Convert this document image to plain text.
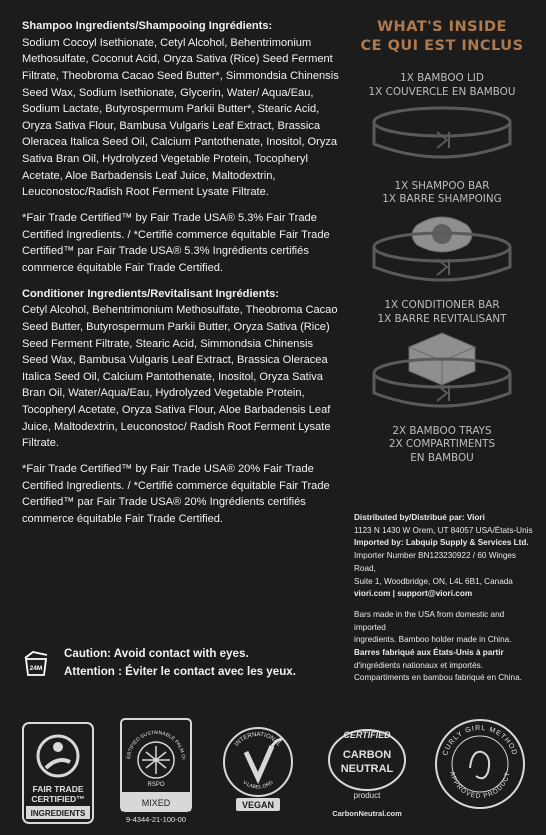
Shampoo Ingredients/Shampooing Ingrédients:
Sodium Cocoyl Isethionate, Cetyl Alcohol, Behentrimonium Methosulfate, Coconut Acid, Oryza Sativa (Rice) Seed Ferment Filtrate, Theobroma Cacao Seed Butter*, Simmondsia Chinensis Seed Wax, Sodium Isethionate, Glycerin, Water/ Aqua/Eau, Sodium Lactate, Butyrospermum Parkii Butter*, Stearic Acid, Oryza Sativa Flour, Bambusa Vulgaris Leaf Extract, Brassica Oleracea Italica Seed Oil, Calcium Pantothenate, Inositol, Oryza Sativa Bran Oil, Hydrolyzed Vegetable Protein, Tocopheryl Acetate, Aloe Barbadensis Leaf Juice, Maltodextrin, Leuconostoc/Radish Root Ferment Lysate Filtrate.

*Fair Trade Certified™ by Fair Trade USA® 5.3% Fair Trade Certified Ingredients. / *Certifié commerce équitable Fair Trade Certified™ par Fair Trade USA® 5.3% Ingrédients certifiés commerce équitable Fair Trade Certified.

Conditioner Ingredients/Revitalisant Ingrédients:
Cetyl Alcohol, Behentrimonium Methosulfate, Theobroma Cacao Seed Butter, Butyrospermum Parkii Butter, Oryza Sativa (Rice) Seed Ferment Filtrate, Stearic Acid, Simmondsia Chinensis Seed Wax, Bambusa Vulgaris Leaf Extract, Brassica Oleracea Italica Seed Oil, Calcium Pantothenate, Inositol, Oryza Sativa Bran Oil, Water/Aqua/Eau, Hydrolyzed Vegetable Protein, Tocopheryl Acetate, Oryza Sativa Flour, Aloe Barbadensis Leaf Juice, Maltodextrin, Leuconostoc/ Radish Root Ferment Lysate Filtrate.

*Fair Trade Certified™ by Fair Trade USA® 20% Fair Trade Certified Ingredients. / *Certifié commerce équitable Fair Trade Certified™ par Fair Trade USA® 20% Ingrédients certifiés commerce équitable Fair Trade Certified.

24M
Caution: Avoid contact with eyes.
Attention : Éviter le contact avec les yeux.
WHAT'S INSIDE
CE QUI EST INCLUS
1X BAMBOO LID
1X COUVERCLE EN BAMBOU
1X SHAMPOO BAR
1X BARRE SHAMPOING
1X CONDITIONER BAR
1X BARRE REVITALISANT
2X BAMBOO TRAYS
2X COMPARTIMENTS
EN BAMBOU

Distributed by/Distribué par: Viori
1123 N 1430 W Orem, UT 84057 USA/États-Unis
Imported by: Labquip Supply & Services Ltd.
Importer Number BN123230922 / 60 Winges Road,
Suite 1, Woodbridge, ON, L4L 6B1, Canada
viori.com | support@viori.com

Bars made in the USA from domestic and imported
ingredients. Bamboo holder made in China.
Barres fabriqué aux États-Unis à partir
d'ingrédients nationaux et importés.
Compartiments en bambou fabriqué en China.

FAIR TRADE
CERTIFIED™
INGREDIENTS
ERTIFIED SUSTAINABLE PALM OI
RSPO
MIXED
9-4344-21-100-00
INTERNATIONAL
V-LABEL.ORG
VEGAN
CERTIFIED
CARBON
NEUTRAL
product
CarbonNeutral.com
CURLY GIRL METHOD
APPROVED PRODUCT
